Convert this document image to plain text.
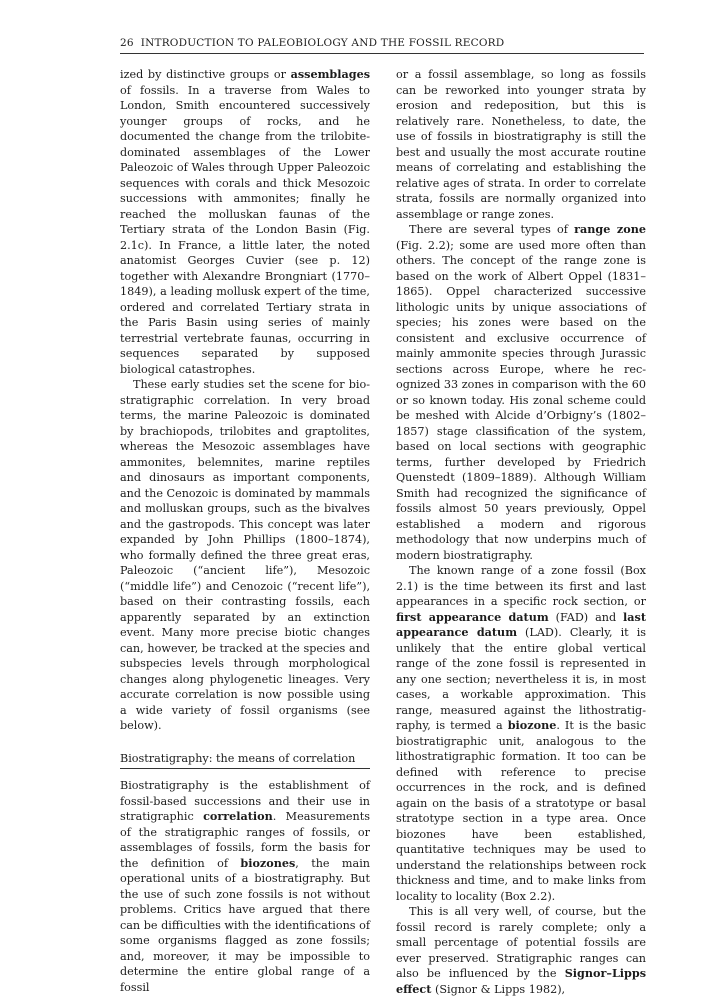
26 INTRODUCTION TO PALEOBIOLOGY AND THE FOSSIL RECORD

ized by distinctive groups or assemblages of fossils. In a traverse from Wales to London, Smith encountered successively younger groups of rocks, and he documented the change from the trilobite-dominated assemblages of the Lower Paleozoic of Wales through Upper Paleozoic sequences with corals and thick Mesozoic successions with ammonites; finally he reached the molluskan faunas of the Tertiary strata of the London Basin (Fig. 2.1c). In France, a little later, the noted anatomist Georges Cuvier (see p. 12) together with Alexandre Brongniart (1770–1849), a leading mollusk expert of the time, ordered and correlated Tertiary strata in the Paris Basin using series of mainly terrestrial vertebrate faunas, occurring in sequences separated by supposed biological catastrophes.

These early studies set the scene for biostratigraphic correlation. In very broad terms, the marine Paleozoic is dominated by brachiopods, trilobites and graptolites, whereas the Mesozoic assemblages have ammonites, belemnites, marine reptiles and dinosaurs as important components, and the Cenozoic is dominated by mammals and molluskan groups, such as the bivalves and the gastropods. This concept was later expanded by John Phillips (1800–1874), who formally defined the three great eras, Paleozoic (“ancient life”), Mesozoic (“middle life”) and Cenozoic (“recent life”), based on their contrasting fossils, each apparently separated by an extinction event. Many more precise biotic changes can, however, be tracked at the species and subspecies levels through morphological changes along phylogenetic lineages. Very accurate correlation is now possible using a wide variety of fossil organisms (see below).

Biostratigraphy: the means of correlation

Biostratigraphy is the establishment of fossil-based successions and their use in stratigraphic correlation. Measurements of the stratigraphic ranges of fossils, or assemblages of fossils, form the basis for the definition of biozones, the main operational units of a biostratigraphy. But the use of such zone fossils is not without problems. Critics have argued that there can be difficulties with the identifications of some organisms flagged as zone fossils; and, moreover, it may be impossible to determine the entire global range of a fossil

or a fossil assemblage, so long as fossils can be reworked into younger strata by erosion and redeposition, but this is relatively rare. Nonetheless, to date, the use of fossils in biostratigraphy is still the best and usually the most accurate routine means of correlating and establishing the relative ages of strata. In order to correlate strata, fossils are normally organized into assemblage or range zones.

There are several types of range zone (Fig. 2.2); some are used more often than others. The concept of the range zone is based on the work of Albert Oppel (1831–1865). Oppel characterized successive lithologic units by unique associations of species; his zones were based on the consistent and exclusive occurrence of mainly ammonite species through Jurassic sections across Europe, where he recognized 33 zones in comparison with the 60 or so known today. His zonal scheme could be meshed with Alcide d’Orbigny’s (1802–1857) stage classification of the system, based on local sections with geographic terms, further developed by Friedrich Quenstedt (1809–1889). Although William Smith had recognized the significance of fossils almost 50 years previously, Oppel established a modern and rigorous methodology that now underpins much of modern biostratigraphy.

The known range of a zone fossil (Box 2.1) is the time between its first and last appearances in a specific rock section, or first appearance datum (FAD) and last appearance datum (LAD). Clearly, it is unlikely that the entire global vertical range of the zone fossil is represented in any one section; nevertheless it is, in most cases, a workable approximation. This range, measured against the lithostratigraphy, is termed a biozone. It is the basic biostratigraphic unit, analogous to the lithostratigraphic formation. It too can be defined with reference to precise occurrences in the rock, and is defined again on the basis of a stratotype or basal stratotype section in a type area. Once biozones have been established, quantitative techniques may be used to understand the relationships between rock thickness and time, and to make links from locality to locality (Box 2.2).

This is all very well, of course, but the fossil record is rarely complete; only a small percentage of potential fossils are ever preserved. Stratigraphic ranges can also be influenced by the Signor–Lipps effect (Signor & Lipps 1982),
